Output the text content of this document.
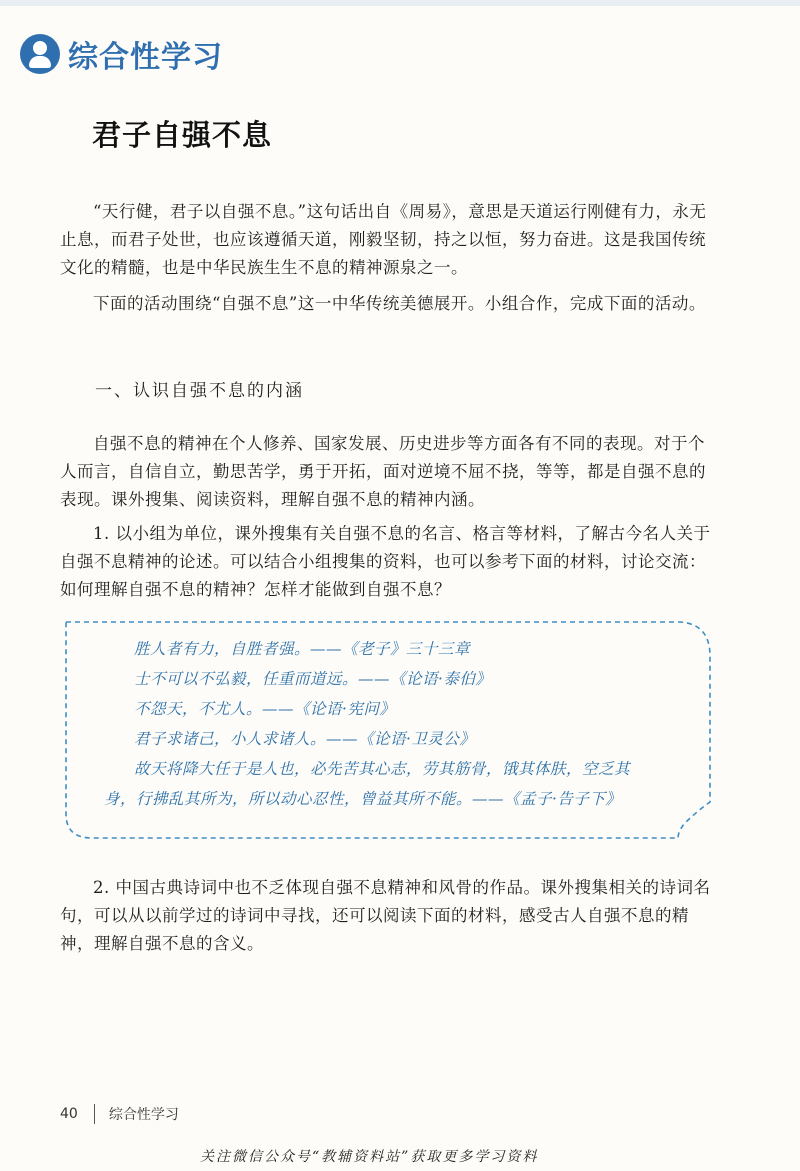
综合性学习
君子自强不息

“天行健，君子以自强不息。”这句话出自《周易》，意思是天道运行刚健有力，永无止息，而君子处世，也应该遵循天道，刚毅坚韧，持之以恒，努力奋进。这是我国传统文化的精髓，也是中华民族生生不息的精神源泉之一。

下面的活动围绕“自强不息”这一中华传统美德展开。小组合作，完成下面的活动。

一、认识自强不息的内涵

自强不息的精神在个人修养、国家发展、历史进步等方面各有不同的表现。对于个人而言，自信自立，勤思苦学，勇于开拓，面对逆境不屈不挠，等等，都是自强不息的表现。课外搜集、阅读资料，理解自强不息的精神内涵。

1. 以小组为单位，课外搜集有关自强不息的名言、格言等材料，了解古今名人关于自强不息精神的论述。可以结合小组搜集的资料，也可以参考下面的材料，讨论交流：如何理解自强不息的精神？怎样才能做到自强不息？

胜人者有力，自胜者强。——《老子》三十三章
士不可以不弘毅，任重而道远。——《论语·泰伯》
不怨天，不尤人。——《论语·宪问》
君子求诸己，小人求诸人。——《论语·卫灵公》
故天将降大任于是人也，必先苦其心志，劳其筋骨，饿其体肤，空乏其
身，行拂乱其所为，所以动心忍性，曾益其所不能。——《孟子·告子下》

2. 中国古典诗词中也不乏体现自强不息精神和风骨的作品。课外搜集相关的诗词名句，可以从以前学过的诗词中寻找，还可以阅读下面的材料，感受古人自强不息的精神，理解自强不息的含义。

40 综合性学习
关注微信公众号“教辅资料站”获取更多学习资料
